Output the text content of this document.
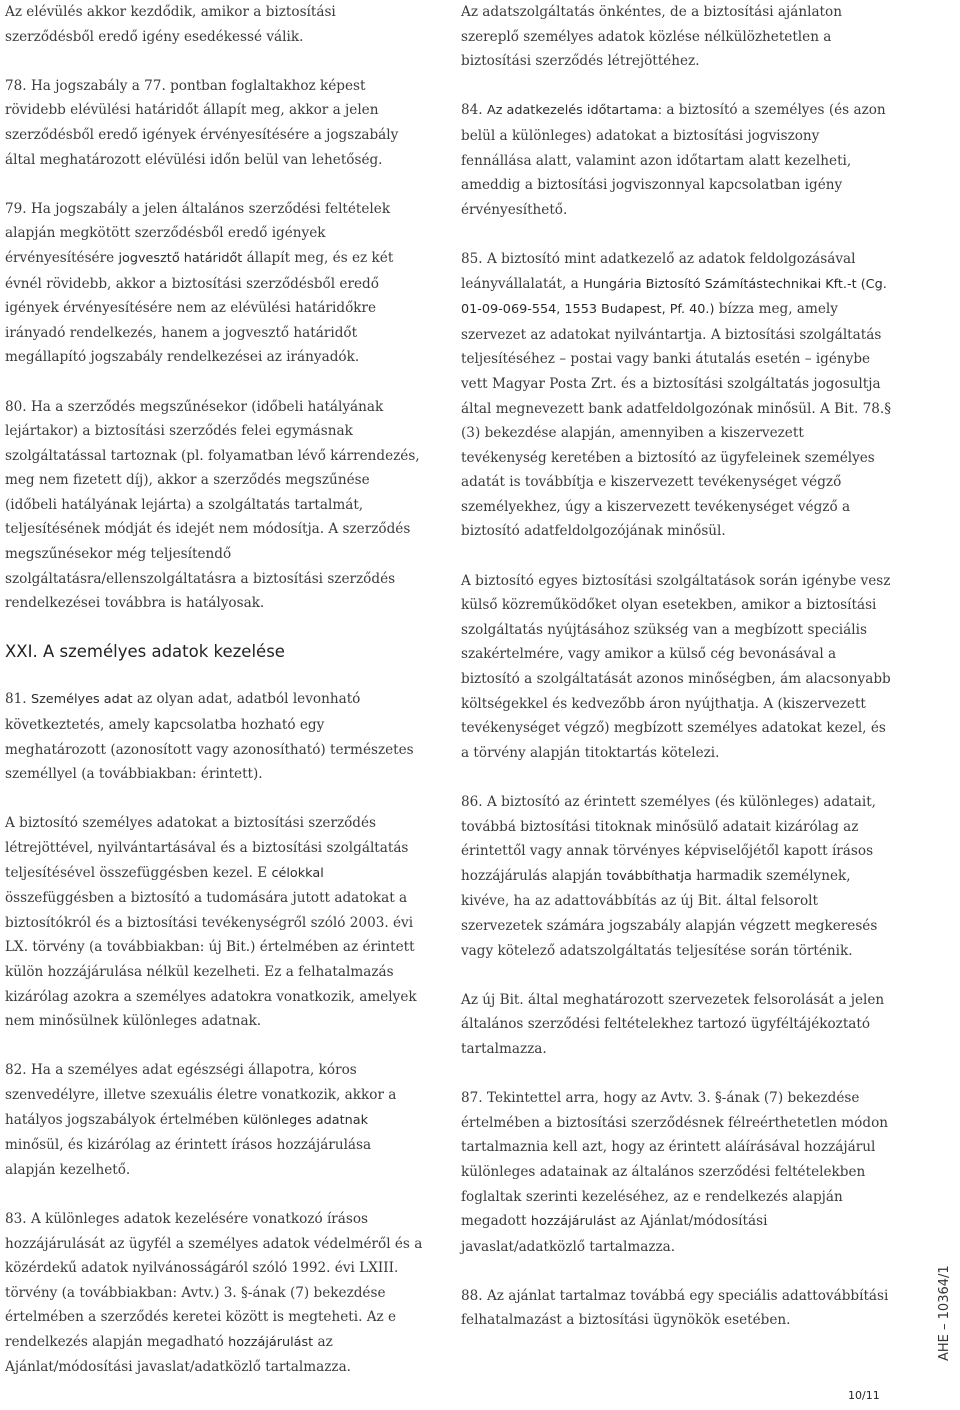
Az elévülés akkor kezdődik, amikor a biztosítási szerződésből eredő igény esedékessé válik.

78. Ha jogszabály a 77. pontban foglaltakhoz képest rövidebb elévülési határidőt állapít meg, akkor a jelen szerződésből eredő igények érvényesítésére a jogszabály által meghatározott elévülési időn belül van lehetőség.

79. Ha jogszabály a jelen általános szerződési feltételek alapján megkötött szerződésből eredő igények érvényesítésére jogvesztő határidőt állapít meg, és ez két évnél rövidebb, akkor a biztosítási szerződésből eredő igények érvényesítésére nem az elévülési határidőkre irányadó rendelkezés, hanem a jogvesztő határidőt megállapító jogszabály rendelkezései az irányadók.

80. Ha a szerződés megszűnésekor (időbeli hatályának lejártakor) a biztosítási szerződés felei egymásnak szolgáltatással tartoznak (pl. folyamatban lévő kárrendezés, meg nem fizetett díj), akkor a szerződés megszűnése (időbeli hatályának lejárta) a szolgáltatás tartalmát, teljesítésének módját és idejét nem módosítja. A szerződés megszűnésekor még teljesítendő szolgáltatásra/ellenszolgáltatásra a biztosítási szerződés rendelkezései továbbra is hatályosak.

XXI. A személyes adatok kezelése

81. Személyes adat az olyan adat, adatból levonható következtetés, amely kapcsolatba hozható egy meghatározott (azonosított vagy azonosítható) természetes személlyel (a továbbiakban: érintett).

A biztosító személyes adatokat a biztosítási szerződés létrejöttével, nyilvántartásával és a biztosítási szolgáltatás teljesítésével összefüggésben kezel. E célokkal összefüggésben a biztosító a tudomására jutott adatokat a biztosítókról és a biztosítási tevékenységről szóló 2003. évi LX. törvény (a továbbiakban: új Bit.) értelmében az érintett külön hozzájárulása nélkül kezelheti. Ez a felhatalmazás kizárólag azokra a személyes adatokra vonatkozik, amelyek nem minősülnek különleges adatnak.

82. Ha a személyes adat egészségi állapotra, kóros szenvedélyre, illetve szexuális életre vonatkozik, akkor a hatályos jogszabályok értelmében különleges adatnak minősül, és kizárólag az érintett írásos hozzájárulása alapján kezelhető.

83. A különleges adatok kezelésére vonatkozó írásos hozzájárulását az ügyfél a személyes adatok védelméről és a közérdekű adatok nyilvánosságáról szóló 1992. évi LXIII. törvény (a továbbiakban: Avtv.) 3. §-ának (7) bekezdése értelmében a szerződés keretei között is megteheti. Az e rendelkezés alapján megadható hozzájárulást az Ajánlat/módosítási javaslat/adatközlő tartalmazza.

Az adatszolgáltatás önkéntes, de a biztosítási ajánlaton szereplő személyes adatok közlése nélkülözhetetlen a biztosítási szerződés létrejöttéhez.

84. Az adatkezelés időtartama: a biztosító a személyes (és azon belül a különleges) adatokat a biztosítási jogviszony fennállása alatt, valamint azon időtartam alatt kezelheti, ameddig a biztosítási jogviszonnyal kapcsolatban igény érvényesíthető.

85. A biztosító mint adatkezelő az adatok feldolgozásával leányvállalatát, a Hungária Biztosító Számítástechnikai Kft.-t (Cg. 01-09-069-554, 1553 Budapest, Pf. 40.) bízza meg, amely szervezet az adatokat nyilvántartja. A biztosítási szolgáltatás teljesítéséhez – postai vagy banki átutalás esetén – igénybe vett Magyar Posta Zrt. és a biztosítási szolgáltatás jogosultja által megnevezett bank adatfeldolgozónak minősül. A Bit. 78.§ (3) bekezdése alapján, amennyiben a kiszervezett tevékenység keretében a biztosító az ügyfeleinek személyes adatát is továbbítja e kiszervezett tevékenységet végző személyekhez, úgy a kiszervezett tevékenységet végző a biztosító adatfeldolgozójának minősül.

A biztosító egyes biztosítási szolgáltatások során igénybe vesz külső közreműködőket olyan esetekben, amikor a biztosítási szolgáltatás nyújtásához szükség van a megbízott speciális szakértelmére, vagy amikor a külső cég bevonásával a biztosító a szolgáltatását azonos minőségben, ám alacsonyabb költségekkel és kedvezőbb áron nyújthatja. A (kiszervezett tevékenységet végző) megbízott személyes adatokat kezel, és a törvény alapján titoktartás kötelezi.

86. A biztosító az érintett személyes (és különleges) adatait, továbbá biztosítási titoknak minősülő adatait kizárólag az érintettől vagy annak törvényes képviselőjétől kapott írásos hozzájárulás alapján továbbíthatja harmadik személynek, kivéve, ha az adattovábbítás az új Bit. által felsorolt szervezetek számára jogszabály alapján végzett megkeresés vagy kötelező adatszolgáltatás teljesítése során történik.

Az új Bit. által meghatározott szervezetek felsorolását a jelen általános szerződési feltételekhez tartozó ügyféltájékoztató tartalmazza.

87. Tekintettel arra, hogy az Avtv. 3. §-ának (7) bekezdése értelmében a biztosítási szerződésnek félreérthetetlen módon tartalmaznia kell azt, hogy az érintett aláírásával hozzájárul különleges adatainak az általános szerződési feltételekben foglaltak szerinti kezeléséhez, az e rendelkezés alapján megadott hozzájárulást az Ajánlat/módosítási javaslat/adatközlő tartalmazza.

88. Az ajánlat tartalmaz továbbá egy speciális adattovábbítási felhatalmazást a biztosítási ügynökök esetében.	AHE – 10364/1
10/11
